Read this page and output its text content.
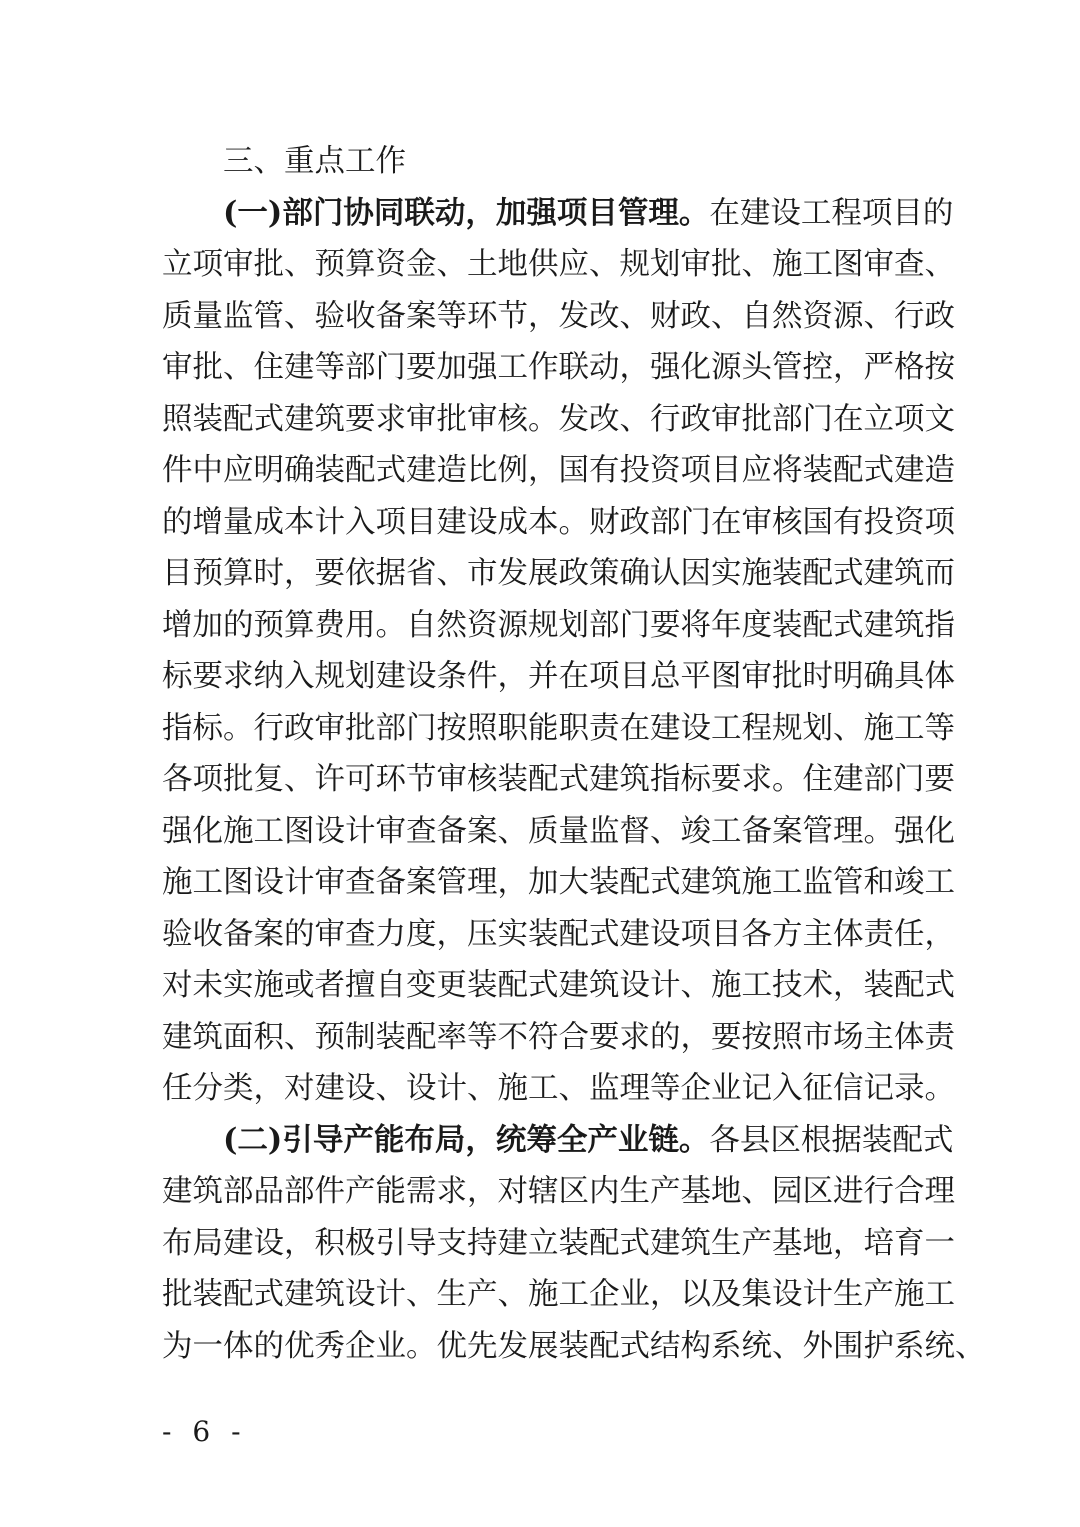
三、重点工作
(一)部门协同联动，加强项目管理。在建设工程项目的
立项审批、预算资金、土地供应、规划审批、施工图审查、
质量监管、验收备案等环节，发改、财政、自然资源、行政
审批、住建等部门要加强工作联动，强化源头管控，严格按
照装配式建筑要求审批审核。发改、行政审批部门在立项文
件中应明确装配式建造比例，国有投资项目应将装配式建造
的增量成本计入项目建设成本。财政部门在审核国有投资项
目预算时，要依据省、市发展政策确认因实施装配式建筑而
增加的预算费用。自然资源规划部门要将年度装配式建筑指
标要求纳入规划建设条件，并在项目总平图审批时明确具体
指标。行政审批部门按照职能职责在建设工程规划、施工等
各项批复、许可环节审核装配式建筑指标要求。住建部门要
强化施工图设计审查备案、质量监督、竣工备案管理。强化
施工图设计审查备案管理，加大装配式建筑施工监管和竣工
验收备案的审查力度，压实装配式建设项目各方主体责任，
对未实施或者擅自变更装配式建筑设计、施工技术，装配式
建筑面积、预制装配率等不符合要求的，要按照市场主体责
任分类，对建设、设计、施工、监理等企业记入征信记录。
(二)引导产能布局，统筹全产业链。各县区根据装配式
建筑部品部件产能需求，对辖区内生产基地、园区进行合理
布局建设，积极引导支持建立装配式建筑生产基地，培育一
批装配式建筑设计、生产、施工企业，以及集设计生产施工
为一体的优秀企业。优先发展装配式结构系统、外围护系统、
- 6 -
